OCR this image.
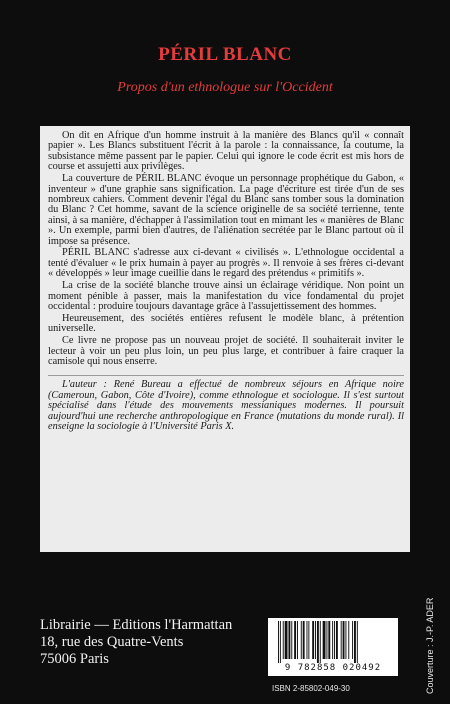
PÉRIL BLANC
Propos d'un ethnologue sur l'Occident

On dit en Afrique d'un homme instruit à la manière des Blancs qu'il « connaît papier ». Les Blancs substituent l'écrit à la parole : la connaissance, la coutume, la subsistance même passent par le papier. Celui qui ignore le code écrit est mis hors de course et assujetti aux privilèges.

La couverture de PÉRIL BLANC évoque un personnage prophétique du Gabon, « inventeur » d'une graphie sans signification. La page d'écriture est tirée d'un de ses nombreux cahiers. Comment devenir l'égal du Blanc sans tomber sous la domination du Blanc ? Cet homme, savant de la science originelle de sa société terrienne, tente ainsi, à sa manière, d'échapper à l'assimilation tout en mimant les « manières de Blanc ». Un exemple, parmi bien d'autres, de l'aliénation secrétée par le Blanc partout où il impose sa présence.

PÉRIL BLANC s'adresse aux ci-devant « civilisés ». L'ethnologue occidental a tenté d'évaluer « le prix humain à payer au progrès ». Il renvoie à ses frères ci-devant « développés » leur image cueillie dans le regard des prétendus « primitifs ».

La crise de la société blanche trouve ainsi un éclairage véridique. Non point un moment pénible à passer, mais la manifestation du vice fondamental du projet occidental : produire toujours davantage grâce à l'assujettissement des hommes.

Heureusement, des sociétés entières refusent le modèle blanc, à prétention universelle.

Ce livre ne propose pas un nouveau projet de société. Il souhaiterait inviter le lecteur à voir un peu plus loin, un peu plus large, et contribuer à faire craquer la camisole qui nous enserre.

L'auteur : René Bureau a effectué de nombreux séjours en Afrique noire (Cameroun, Gabon, Côte d'Ivoire), comme ethnologue et sociologue. Il s'est surtout spécialisé dans l'étude des mouvements messianiques modernes. Il poursuit aujourd'hui une recherche anthropologique en France (mutations du monde rural). Il enseigne la sociologie à l'Université Paris X.

Librairie — Editions l'Harmattan
18, rue des Quatre-Vents
75006 Paris
9 782858 020492
ISBN 2-85802-049-30	Couverture : J.-P. ADER
